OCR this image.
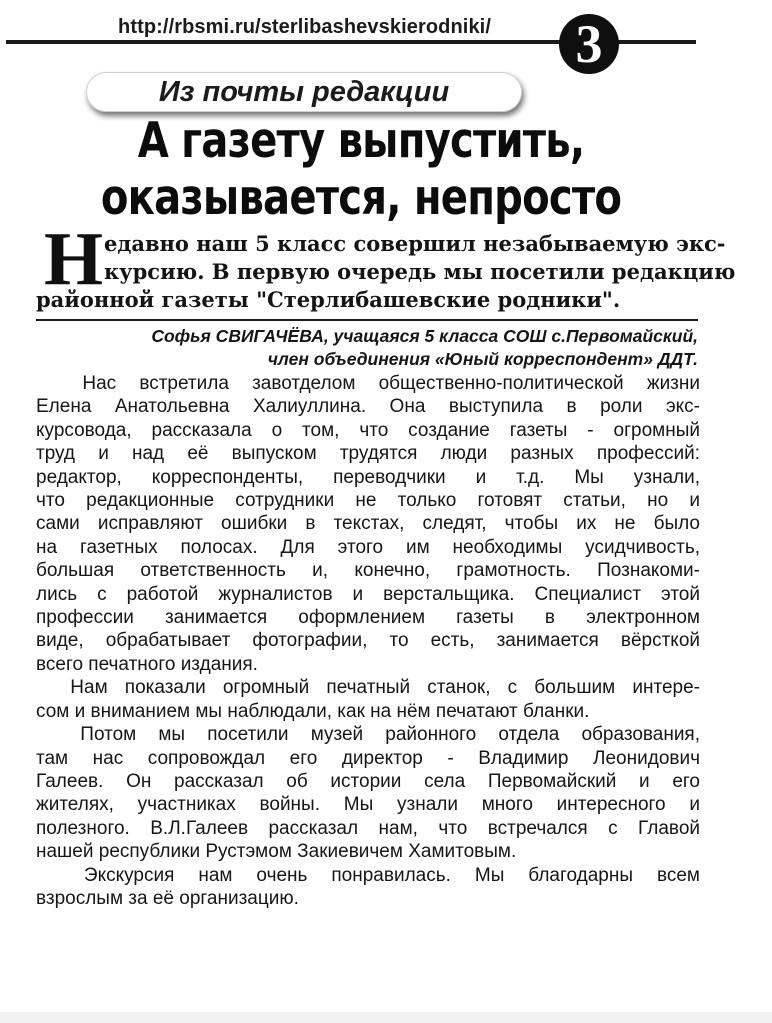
http://rbsmi.ru/sterlibashevskierodniki/	3
Из почты редакции
А газету выпустить,
оказывается, непросто
Н едавно наш 5 класс совершил незабываемую экс-
курсию. В первую очередь мы посетили редакцию
районной газеты "Стерлибашевские родники".
Софья СВИГАЧЁВА, учащаяся 5 класса СОШ с.Первомайский,
член объединения «Юный корреспондент» ДДТ.
Нас встретила завотделом общественно-политической жизни
Елена Анатольевна Халиуллина. Она выступила в роли экс-
курсовода, рассказала о том, что создание газеты - огромный
труд и над её выпуском трудятся люди разных профессий:
редактор, корреспонденты, переводчики и т.д. Мы узнали,
что редакционные сотрудники не только готовят статьи, но и
сами исправляют ошибки в текстах, следят, чтобы их не было
на газетных полосах. Для этого им необходимы усидчивость,
большая ответственность и, конечно, грамотность. Познакоми-
лись с работой журналистов и верстальщика. Специалист этой
профессии занимается оформлением газеты в электронном
виде, обрабатывает фотографии, то есть, занимается вёрсткой
всего печатного издания.
Нам показали огромный печатный станок, с большим интере-
сом и вниманием мы наблюдали, как на нём печатают бланки.
Потом мы посетили музей районного отдела образования,
там нас сопровождал его директор - Владимир Леонидович
Галеев. Он рассказал об истории села Первомайский и его
жителях, участниках войны. Мы узнали много интересного и
полезного. В.Л.Галеев рассказал нам, что встречался с Главой
нашей республики Рустэмом Закиевичем Хамитовым.
Экскурсия нам очень понравилась. Мы благодарны всем
взрослым за её организацию.
